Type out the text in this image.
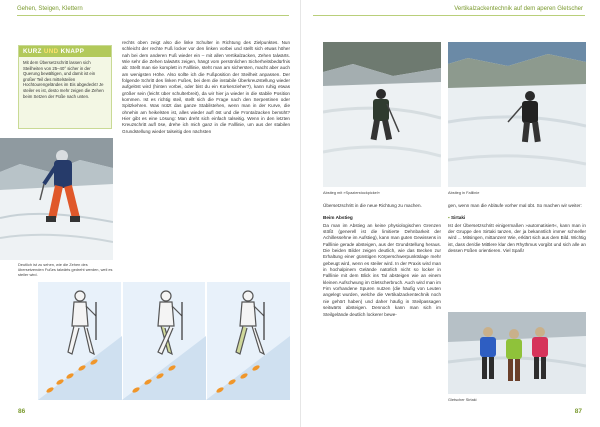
Gehen, Steigen, Klettern
KURZ UND KNAPP
Mit dem Übersetzschritt lassen sich Steilheiten von 25–40° sicher in der Querung bewältigen, und damit ist ein großer Teil des mittelsteilen Hochtourengeländes im Eis abgedeckt! Je steiler es ist, desto mehr zeigen die Zehen beim Setzen der Füße nach unten.

rechts oben zeigt also die linke Schulter in Richtung des Zielpunktes. Nun schleicht der rechte Fuß locker vor den linken vorbei und stellt sich etwas höher nah bei dem anderen Fuß wieder ein – mit allen Vertikalzacken, Zehen talwärts. Wie sehr die Zehen talwärts zeigen, hängt vom persönlichen Sicherheitsbedürfnis ab: Stellt man sie komplett in Falllinie, steht man am sichersten, macht aber auch am wenigsten Höhe. Also sollte ich die Fußposition der Steilheit anpassen. Der folgende Schritt des linken Fußes, bei dem die instabile Überkreuzstellung wieder aufgelöst wird (hinten vorbei, oder bist du ein Korkenzieher?), kann ruhig etwas größer sein (leicht über schulterbreit), da wir hier ja wieder in die stabile Position kommen. Ist es richtig steil, stellt sich die Frage nach den Serpentinen oder Spitzkehren. Was nützt das ganze Stabilstehen, wenn man in der Kurve, die ohnehin am heikelsten ist, alles wieder aufl öst und die Frontalzacken bemüht? Hier gibt es eine Lösung: Man dreht sich einfach talseitig. Wenn in den letzten Kreuzschritt aufl öse, drehe ich mich ganz in die Falllinie, um aus der stabilen Grundstellung wieder talseitig den nächsten

Deutlich ist zu sehen, wie die Zehen des übersetzenden Fußes talwärts gedreht werden, weil es steiler wird.
86
Vertikalzackentechnik auf dem aperen Gletscher
Abstieg mit »Spazierstockpickel«	Abstieg in Falllinie

Übersetzschritt in die neue Richtung zu machen.

Beim Abstieg

Da man im Abstieg an keine physiologischen Grenzen stößt (generell ist die limitierte Dehnbarkeit der Achillessehne im Aufstieg), kann man guten Gewissens in Falllinie gerade absteigen, aus der Grundstellung heraus. Die beiden Bilder zeigen deutlich, wie das Becken zur Erhaltung einer günstigen Körperschwerpunktslage mehr gebeugt wird, wenn es steiler wird. In der Praxis wird man in hochalpinem Gelände natürlich nicht so locker in Falllinie mit dem Blick ins Tal absteigen wie an einem kleinen Aufschwung im Gletscherbruch. Auch wird man im Firn vorhandene Spuren nutzen (die häufig von Leuten angelegt wurden, welche die Vertikalzackentechnik noch nie gehört haben) und daher häufig in Steilpassagen seitwärts absteigen. Dennoch kann man sich im Steilgelände deutlich lockerer bewe-

gen, wenn man die Abläufe vorher mal übt. So machen wir weiter:

▪ Sirtaki

Ist der Übersetzschritt einigermaßen »automatisiert«, kann man in der Gruppe den Sirtaki tanzen, der ja bekanntlich immer schneller wird ... Mitsingen, mittanzen! Wie, erklärt sich aus dem Bild. Wichtig ist, dass der/die Mittlere klar den Rhythmus vorgibt und sich alle an dessen Füßen orientieren. Viel Spaß!

Gletscher Sirtaki
87
